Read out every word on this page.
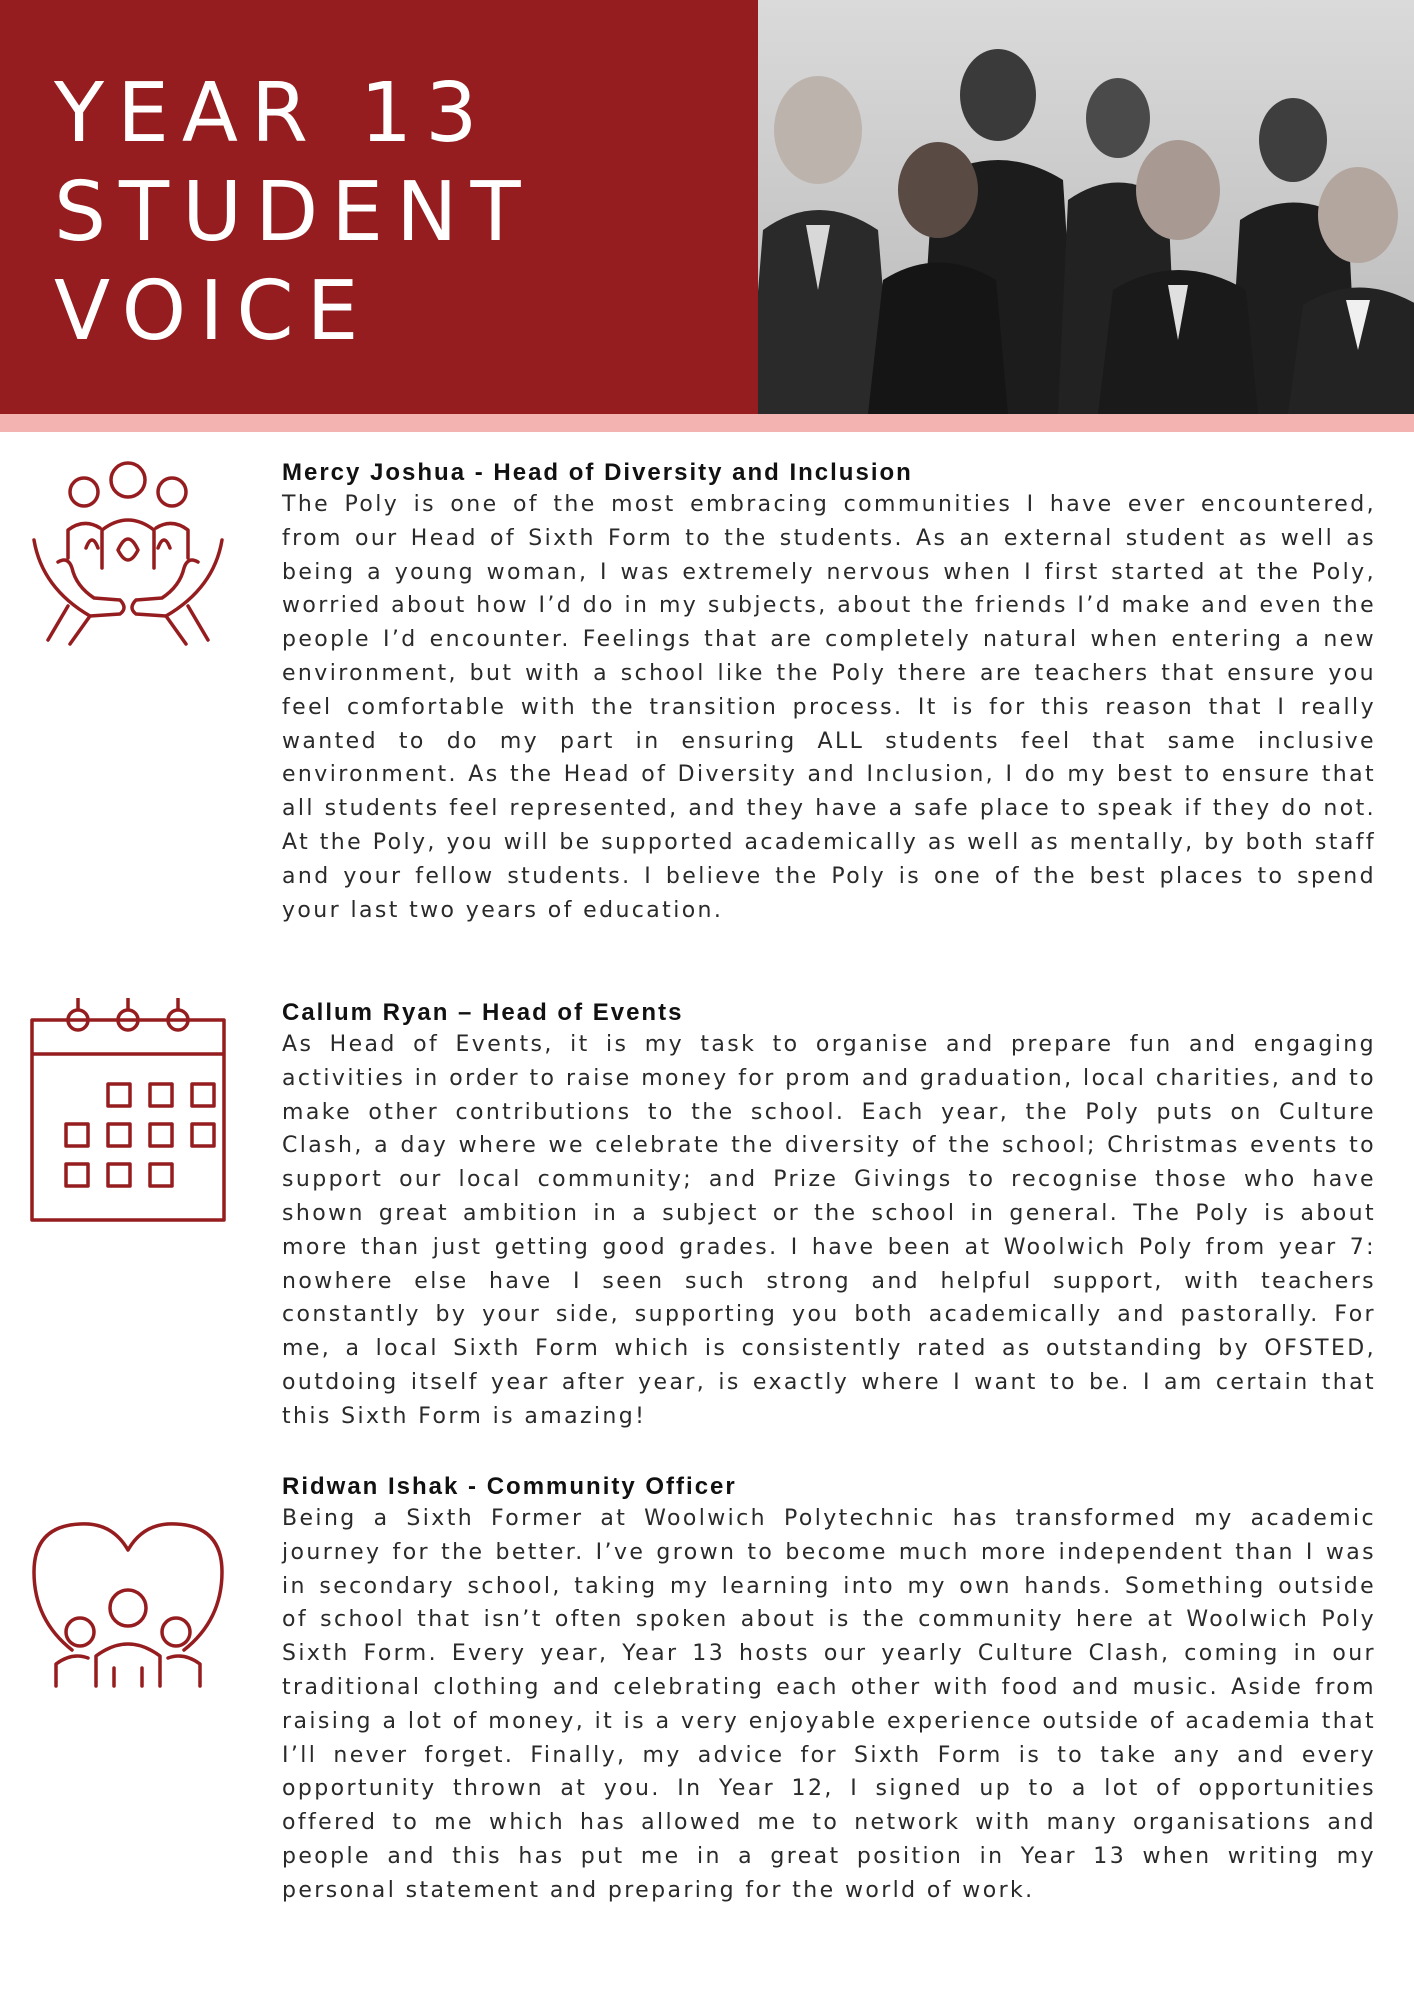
YEAR 13
STUDENT
VOICE
Mercy Joshua - Head of Diversity and Inclusion

The Poly is one of the most embracing communities I have ever encountered, from our Head of Sixth Form to the students. As an external student as well as being a young woman, I was extremely nervous when I first started at the Poly, worried about how I’d do in my subjects, about the friends I’d make and even the people I’d encounter. Feelings that are completely natural when entering a new environment, but with a school like the Poly there are teachers that ensure you feel comfortable with the transition process. It is for this reason that I really wanted to do my part in ensuring ALL students feel that same inclusive environment. As the Head of Diversity and Inclusion, I do my best to ensure that all students feel represented, and they have a safe place to speak if they do not. At the Poly, you will be supported academically as well as mentally, by both staff and your fellow students. I believe the Poly is one of the best places to spend your last two years of education.

Callum Ryan – Head of Events

As Head of Events, it is my task to organise and prepare fun and engaging activities in order to raise money for prom and graduation, local charities, and to make other contributions to the school. Each year, the Poly puts on Culture Clash, a day where we celebrate the diversity of the school; Christmas events to support our local community; and Prize Givings to recognise those who have shown great ambition in a subject or the school in general. The Poly is about more than just getting good grades. I have been at Woolwich Poly from year 7: nowhere else have I seen such strong and helpful support, with teachers constantly by your side, supporting you both academically and pastorally. For me, a local Sixth Form which is consistently rated as outstanding by OFSTED, outdoing itself year after year, is exactly where I want to be. I am certain that this Sixth Form is amazing!

Ridwan Ishak - Community Officer

Being a Sixth Former at Woolwich Polytechnic has transformed my academic journey for the better. I’ve grown to become much more independent than I was in secondary school, taking my learning into my own hands. Something outside of school that isn’t often spoken about is the community here at Woolwich Poly Sixth Form. Every year, Year 13 hosts our yearly Culture Clash, coming in our traditional clothing and celebrating each other with food and music. Aside from raising a lot of money, it is a very enjoyable experience outside of academia that I’ll never forget. Finally, my advice for Sixth Form is to take any and every opportunity thrown at you. In Year 12, I signed up to a lot of opportunities offered to me which has allowed me to network with many organisations and people and this has put me in a great position in Year 13 when writing my personal statement and preparing for the world of work.
